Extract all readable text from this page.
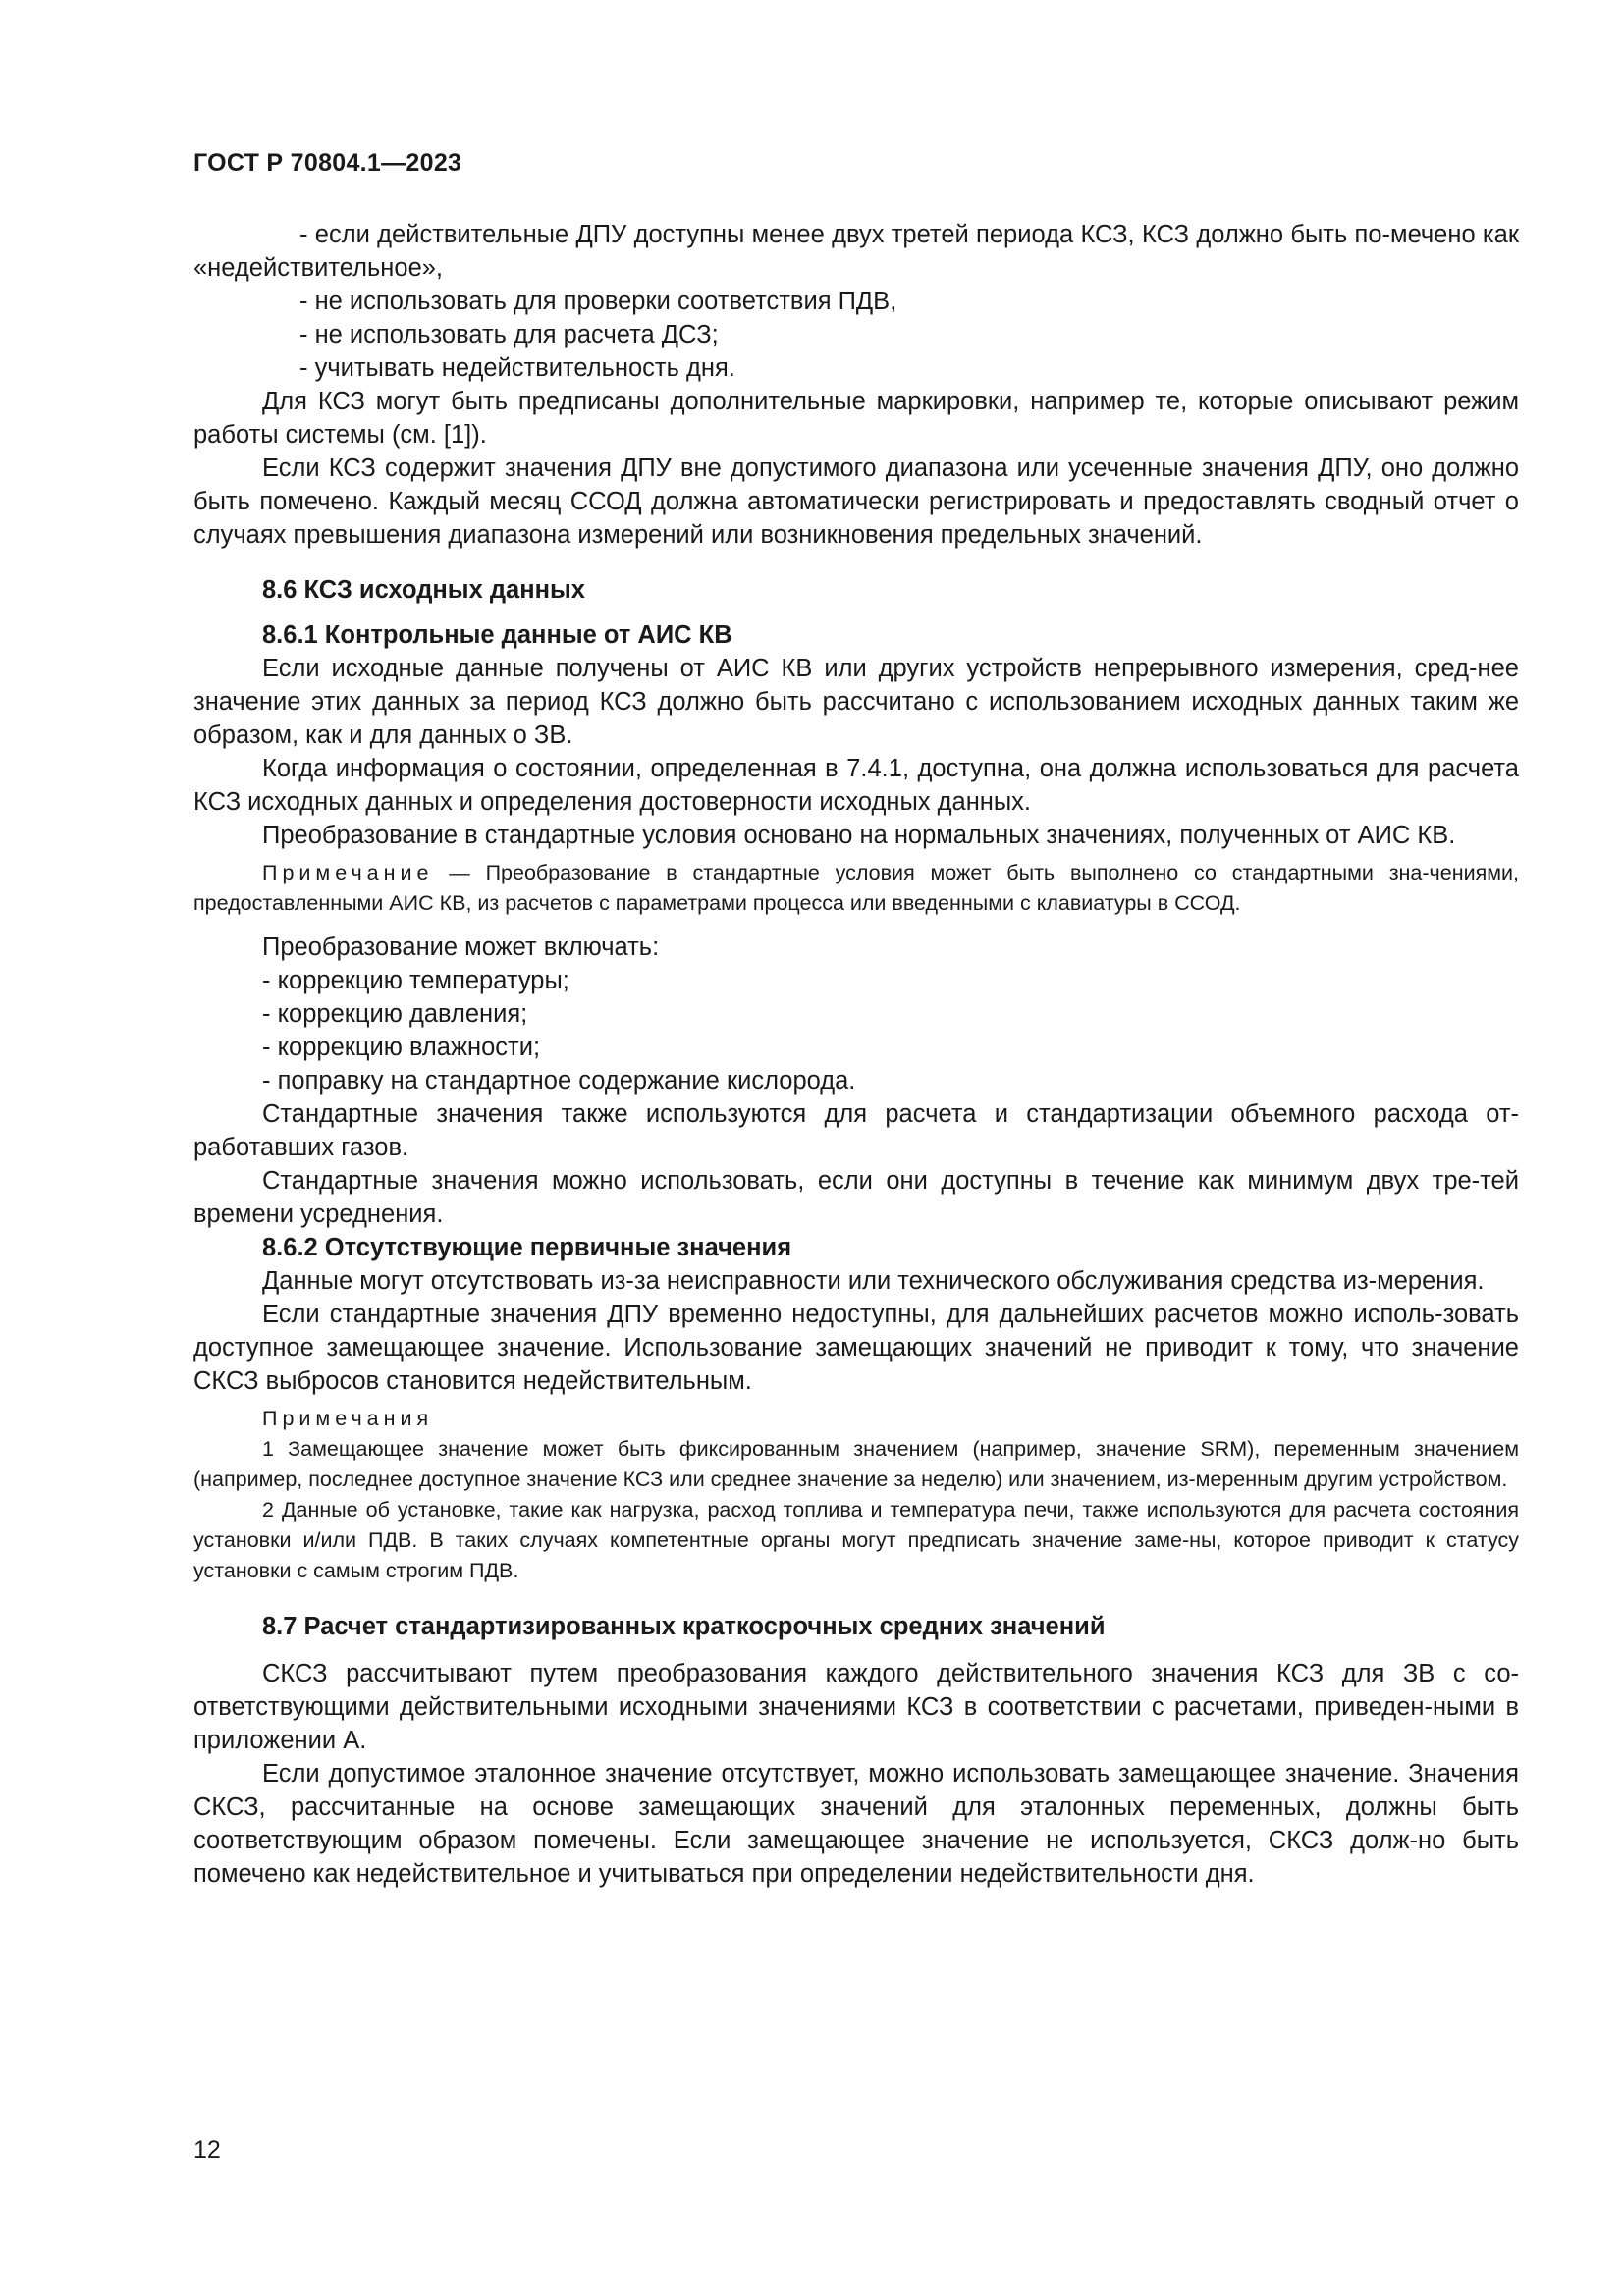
ГОСТ Р 70804.1—2023

- если действительные ДПУ доступны менее двух третей периода КСЗ, КСЗ должно быть по-мечено как «недействительное»,

- не использовать для проверки соответствия ПДВ,

- не использовать для расчета ДСЗ;

- учитывать недействительность дня.

Для КСЗ могут быть предписаны дополнительные маркировки, например те, которые описывают режим работы системы (см. [1]).

Если КСЗ содержит значения ДПУ вне допустимого диапазона или усеченные значения ДПУ, оно должно быть помечено. Каждый месяц ССОД должна автоматически регистрировать и предоставлять сводный отчет о случаях превышения диапазона измерений или возникновения предельных значений.

8.6 КСЗ исходных данных
8.6.1 Контрольные данные от АИС КВ

Если исходные данные получены от АИС КВ или других устройств непрерывного измерения, сред-нее значение этих данных за период КСЗ должно быть рассчитано с использованием исходных данных таким же образом, как и для данных о ЗВ.

Когда информация о состоянии, определенная в 7.4.1, доступна, она должна использоваться для расчета КСЗ исходных данных и определения достоверности исходных данных.

Преобразование в стандартные условия основано на нормальных значениях, полученных от АИС КВ.

Примечание — Преобразование в стандартные условия может быть выполнено со стандартными зна-чениями, предоставленными АИС КВ, из расчетов с параметрами процесса или введенными с клавиатуры в ССОД.

Преобразование может включать:

- коррекцию температуры;

- коррекцию давления;

- коррекцию влажности;

- поправку на стандартное содержание кислорода.

Стандартные значения также используются для расчета и стандартизации объемного расхода от-работавших газов.

Стандартные значения можно использовать, если они доступны в течение как минимум двух тре-тей времени усреднения.

8.6.2 Отсутствующие первичные значения

Данные могут отсутствовать из-за неисправности или технического обслуживания средства из-мерения.

Если стандартные значения ДПУ временно недоступны, для дальнейших расчетов можно исполь-зовать доступное замещающее значение. Использование замещающих значений не приводит к тому, что значение СКСЗ выбросов становится недействительным.

Примечания

1 Замещающее значение может быть фиксированным значением (например, значение SRM), переменным значением (например, последнее доступное значение КСЗ или среднее значение за неделю) или значением, из-меренным другим устройством.

2 Данные об установке, такие как нагрузка, расход топлива и температура печи, также используются для расчета состояния установки и/или ПДВ. В таких случаях компетентные органы могут предписать значение заме-ны, которое приводит к статусу установки с самым строгим ПДВ.

8.7 Расчет стандартизированных краткосрочных средних значений

СКСЗ рассчитывают путем преобразования каждого действительного значения КСЗ для ЗВ с со-ответствующими действительными исходными значениями КСЗ в соответствии с расчетами, приведен-ными в приложении А.

Если допустимое эталонное значение отсутствует, можно использовать замещающее значение. Значения СКСЗ, рассчитанные на основе замещающих значений для эталонных переменных, должны быть соответствующим образом помечены. Если замещающее значение не используется, СКСЗ долж-но быть помечено как недействительное и учитываться при определении недействительности дня.

12
